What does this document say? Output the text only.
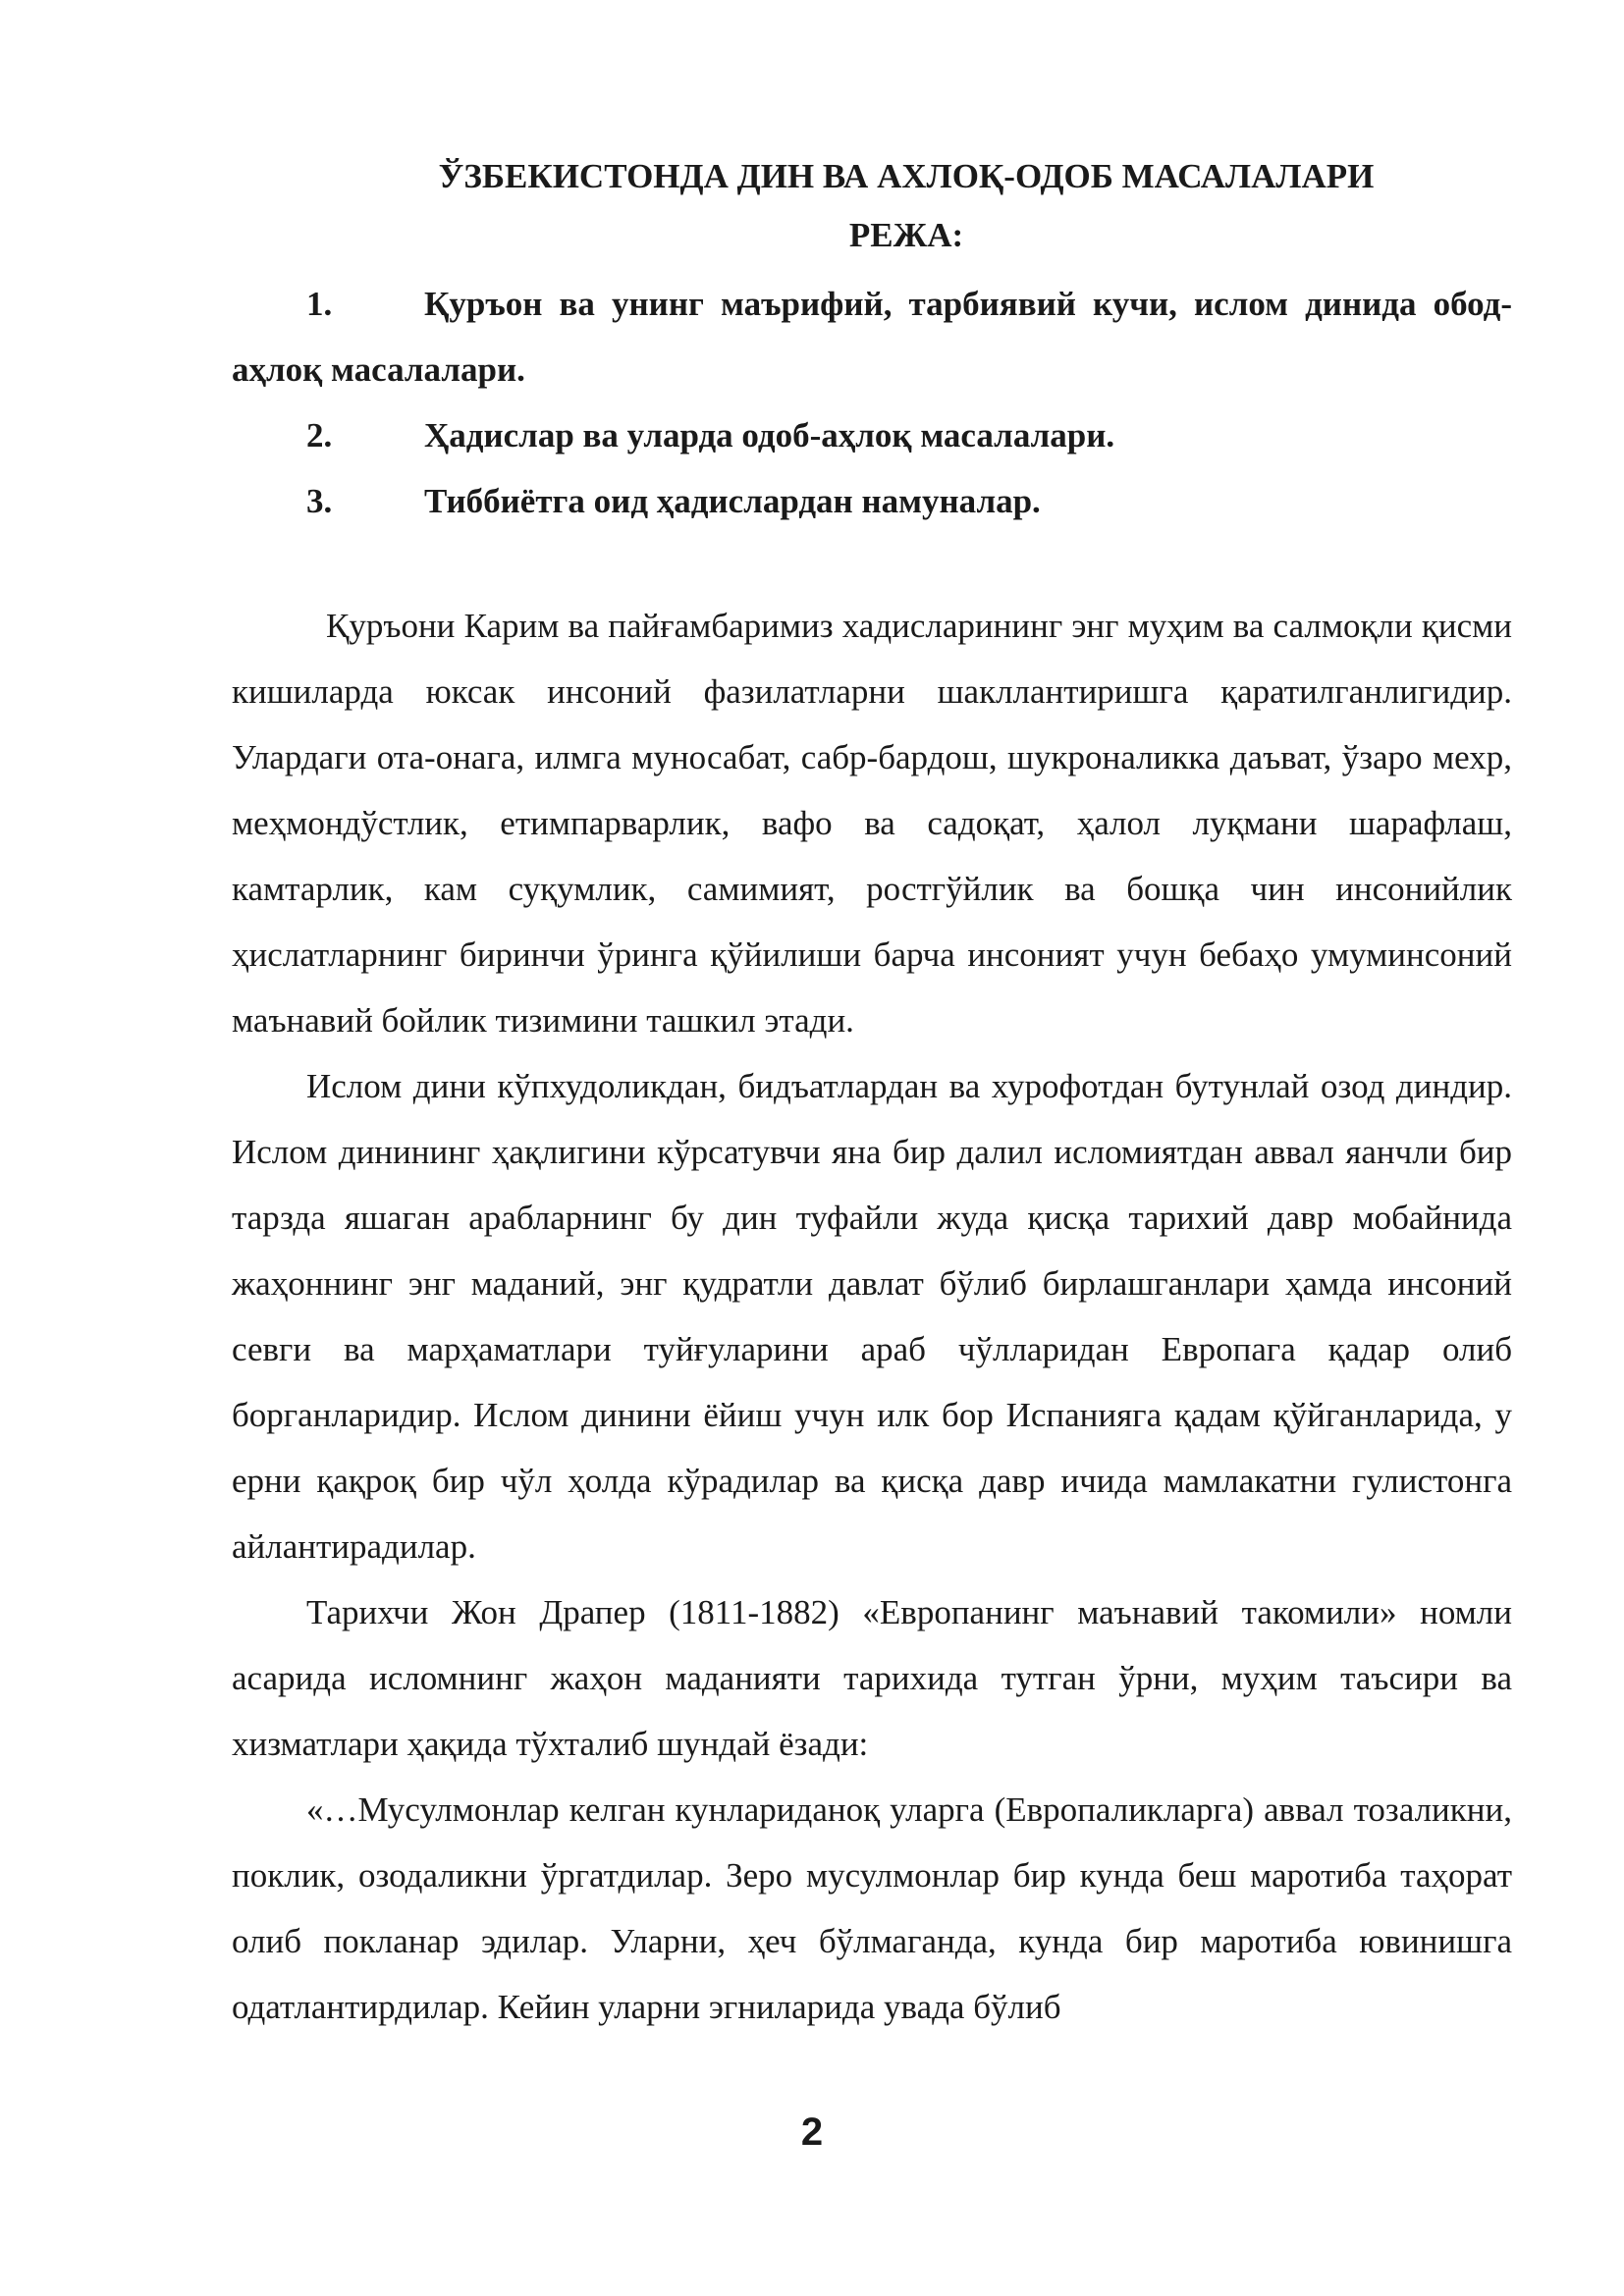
ЎЗБЕКИСТОНДА ДИН ВА АХЛОҚ-ОДОБ МАСАЛАЛАРИ
РЕЖА:
1.	Қуръон ва унинг маърифий, тарбиявий кучи, ислом динида обод-аҳлоқ масалалари.
2.	Ҳадислар ва уларда одоб-аҳлоқ масалалари.
3.	Тиббиётга оид ҳадислардан намуналар.

Қуръони Карим ва пайғамбаримиз хадисларининг энг муҳим ва салмоқли қисми кишиларда юксак инсоний фазилатларни шакллантиришга қаратилганлигидир. Улардаги ота-онага, илмга муносабат, сабр-бардош, шукроналикка даъват, ўзаро мехр, меҳмондўстлик, етимпарварлик, вафо ва садоқат, ҳалол луқмани шарафлаш, камтарлик, кам суқумлик, самимият, ростгўйлик ва бошқа чин инсонийлик ҳислатларнинг биринчи ўринга қўйилиши барча инсоният учун бебаҳо умуминсоний маънавий бойлик тизимини ташкил этади.

Ислом дини кўпхудоликдан, бидъатлардан ва хурофотдан бутунлай озод диндир. Ислом динининг ҳақлигини кўрсатувчи яна бир далил исломиятдан аввал яанчли бир тарзда яшаган арабларнинг бу дин туфайли жуда қисқа тарихий давр мобайнида жаҳоннинг энг маданий, энг қудратли давлат бўлиб бирлашганлари ҳамда инсоний севги ва марҳаматлари туйғуларини араб чўлларидан Европага қадар олиб борганларидир. Ислом динини ёйиш учун илк бор Испанияга қадам қўйганларида, у ерни қақроқ бир чўл ҳолда кўрадилар ва қисқа давр ичида мамлакатни гулистонга айлантирадилар.

Тарихчи Жон Драпер (1811-1882) «Европанинг маънавий такомили» номли асарида исломнинг жаҳон маданияти тарихида тутган ўрни, муҳим таъсири ва хизматлари ҳақида тўхталиб шундай ёзади:

«…Мусулмонлар келган кунлариданоқ уларга (Европаликларга) аввал тозаликни, поклик, озодаликни ўргатдилар. Зеро мусулмонлар бир кунда беш маротиба таҳорат олиб покланар эдилар. Уларни, ҳеч бўлмаганда, кунда бир маротиба ювинишга одатлантирдилар. Кейин уларни эгниларида увада бўлиб

2
